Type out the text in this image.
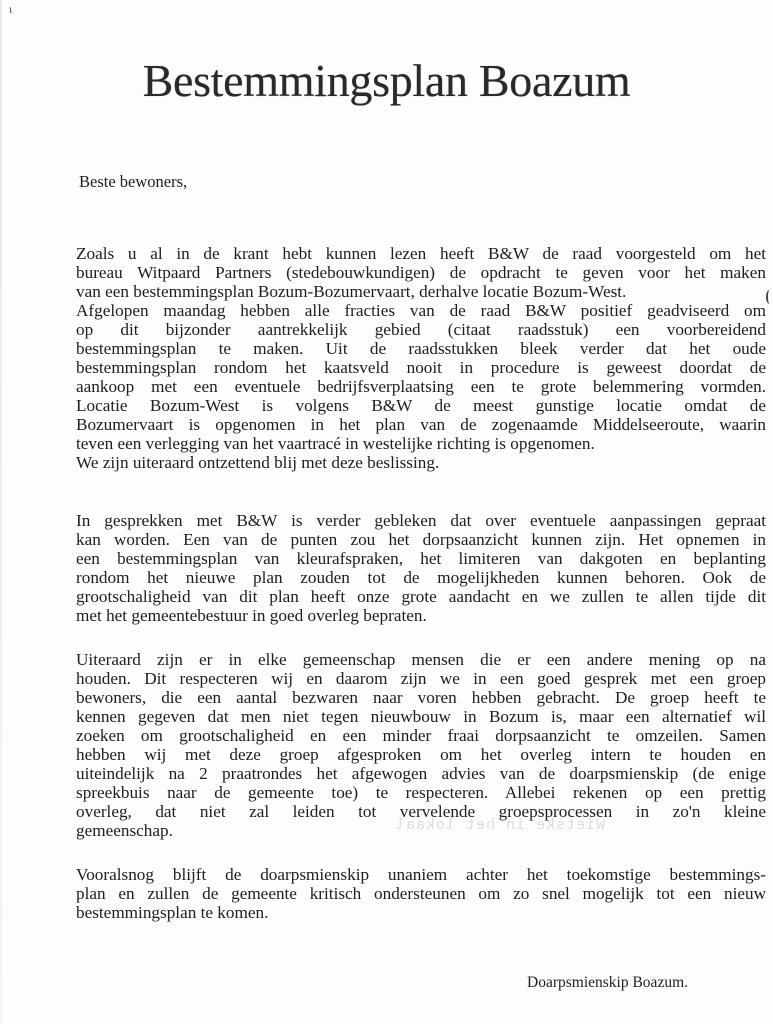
ɩ
Bestemmingsplan Boazum
Beste bewoners,
Zoals u al in de krant hebt kunnen lezen heeft B&W de raad voorgesteld om het
bureau Witpaard Partners (stedebouwkundigen) de opdracht te geven voor het maken
van een bestemmingsplan Bozum-Bozumervaart, derhalve locatie Bozum-West.
Afgelopen maandag hebben alle fracties van de raad B&W positief geadviseerd om
op dit bijzonder aantrekkelijk gebied (citaat raadsstuk) een voorbereidend
bestemmingsplan te maken. Uit de raadsstukken bleek verder dat het oude
bestemmingsplan rondom het kaatsveld nooit in procedure is geweest doordat de
aankoop met een eventuele bedrijfsverplaatsing een te grote belemmering vormden.
Locatie Bozum-West is volgens B&W de meest gunstige locatie omdat de
Bozumervaart is opgenomen in het plan van de zogenaamde Middelseeroute, waarin
teven een verlegging van het vaartracé in westelijke richting is opgenomen.
We zijn uiteraard ontzettend blij met deze beslissing.
In gesprekken met B&W is verder gebleken dat over eventuele aanpassingen gepraat
kan worden. Een van de punten zou het dorpsaanzicht kunnen zijn. Het opnemen in
een bestemmingsplan van kleurafspraken, het limiteren van dakgoten en beplanting
rondom het nieuwe plan zouden tot de mogelijkheden kunnen behoren. Ook de
grootschaligheid van dit plan heeft onze grote aandacht en we zullen te allen tijde dit
met het gemeentebestuur in goed overleg bepraten.
Uiteraard zijn er in elke gemeenschap mensen die er een andere mening op na
houden. Dit respecteren wij en daarom zijn we in een goed gesprek met een groep
bewoners, die een aantal bezwaren naar voren hebben gebracht. De groep heeft te
kennen gegeven dat men niet tegen nieuwbouw in Bozum is, maar een alternatief wil
zoeken om grootschaligheid en een minder fraai dorpsaanzicht te omzeilen. Samen
hebben wij met deze groep afgesproken om het overleg intern te houden en
uiteindelijk na 2 praatrondes het afgewogen advies van de doarpsmienskip (de enige
spreekbuis naar de gemeente toe) te respecteren. Allebei rekenen op een prettig
overleg, dat niet zal leiden tot vervelende groepsprocessen in zo'n kleine
gemeenschap.	Wietske in het lokaal
Vooralsnog blijft de doarpsmienskip unaniem achter het toekomstige bestemmings-
plan en zullen de gemeente kritisch ondersteunen om zo snel mogelijk tot een nieuw
bestemmingsplan te komen.
Doarpsmienskip Boazum.
